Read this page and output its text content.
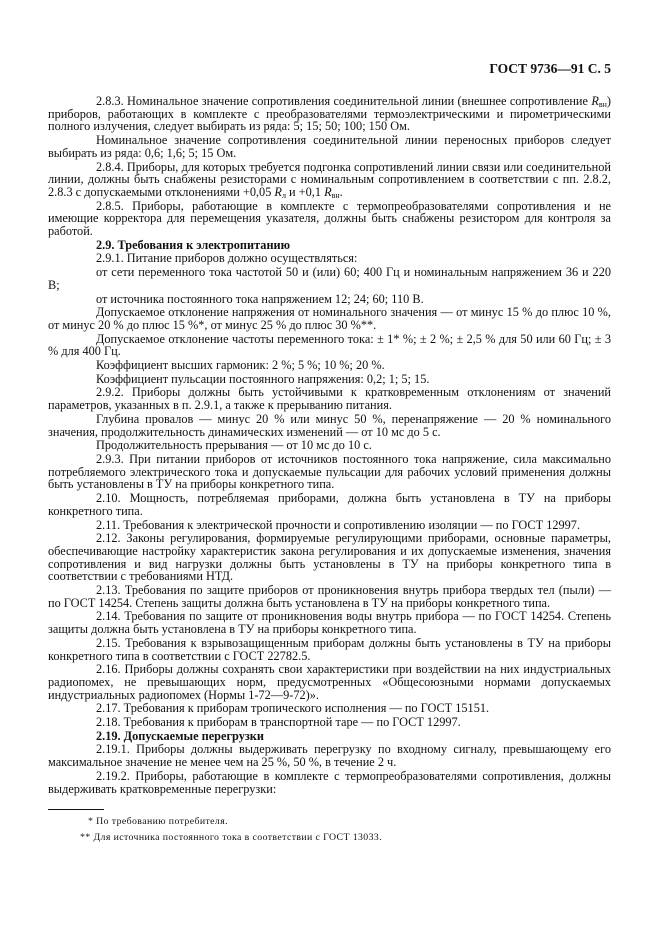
ГОСТ 9736—91 С. 5

2.8.3. Номинальное значение сопротивления соединительной линии (внешнее сопротивление $R_{вн}$) приборов, работающих в комплекте с преобразователями термоэлектрическими и пирометрическими полного излучения, следует выбирать из ряда: 5; 15; 50; 100; 150 Ом.

Номинальное значение сопротивления соединительной линии переносных приборов следует выбирать из ряда: 0,6; 1,6; 5; 15 Ом.

2.8.4. Приборы, для которых требуется подгонка сопротивлений линии связи или соединительной линии, должны быть снабжены резисторами с номинальным сопротивлением в соответствии с пп. 2.8.2, 2.8.3 с допускаемыми отклонениями +0,05 $R_л$ и +0,1 $R_{вн}$.

2.8.5. Приборы, работающие в комплекте с термопреобразователями сопротивления и не имеющие корректора для перемещения указателя, должны быть снабжены резистором для контроля за работой.

2.9. Требования к электропитанию

2.9.1. Питание приборов должно осуществляться:

от сети переменного тока частотой 50 и (или) 60; 400 Гц и номинальным напряжением 36 и 220 В;

от источника постоянного тока напряжением 12; 24; 60; 110 В.

Допускаемое отклонение напряжения от номинального значения — от минус 15 % до плюс 10 %, от минус 20 % до плюс 15 %*, от минус 25 % до плюс 30 %**.

Допускаемое отклонение частоты переменного тока: ± 1* %; ± 2 %; ± 2,5 % для 50 или 60 Гц; ± 3 % для 400 Гц.

Коэффициент высших гармоник: 2 %; 5 %; 10 %; 20 %.

Коэффициент пульсации постоянного напряжения: 0,2; 1; 5; 15.

2.9.2. Приборы должны быть устойчивыми к кратковременным отклонениям от значений параметров, указанных в п. 2.9.1, а также к прерыванию питания.

Глубина провалов — минус 20 % или минус 50 %, перенапряжение — 20 % номинального значения, продолжительность динамических изменений — от 10 мс до 5 с.

Продолжительность прерывания — от 10 мс до 10 с.

2.9.3. При питании приборов от источников постоянного тока напряжение, сила максимально потребляемого электрического тока и допускаемые пульсации для рабочих условий применения должны быть установлены в ТУ на приборы конкретного типа.

2.10. Мощность, потребляемая приборами, должна быть установлена в ТУ на приборы конкретного типа.

2.11. Требования к электрической прочности и сопротивлению изоляции — по ГОСТ 12997.

2.12. Законы регулирования, формируемые регулирующими приборами, основные параметры, обеспечивающие настройку характеристик закона регулирования и их допускаемые изменения, значения сопротивления и вид нагрузки должны быть установлены в ТУ на приборы конкретного типа в соответствии с требованиями НТД.

2.13. Требования по защите приборов от проникновения внутрь прибора твердых тел (пыли) — по ГОСТ 14254. Степень защиты должна быть установлена в ТУ на приборы конкретного типа.

2.14. Требования по защите от проникновения воды внутрь прибора — по ГОСТ 14254. Степень защиты должна быть установлена в ТУ на приборы конкретного типа.

2.15. Требования к взрывозащищенным приборам должны быть установлены в ТУ на приборы конкретного типа в соответствии с ГОСТ 22782.5.

2.16. Приборы должны сохранять свои характеристики при воздействии на них индустриальных радиопомех, не превышающих норм, предусмотренных «Общесоюзными нормами допускаемых индустриальных радиопомех (Нормы 1-72—9-72)».

2.17. Требования к приборам тропического исполнения — по ГОСТ 15151.

2.18. Требования к приборам в транспортной таре — по ГОСТ 12997.

2.19. Допускаемые перегрузки

2.19.1. Приборы должны выдерживать перегрузку по входному сигналу, превышающему его максимальное значение не менее чем на 25 %, 50 %, в течение 2 ч.

2.19.2. Приборы, работающие в комплекте с термопреобразователями сопротивления, должны выдерживать кратковременные перегрузки:

* По требованию потребителя.
** Для источника постоянного тока в соответствии с ГОСТ 13033.
